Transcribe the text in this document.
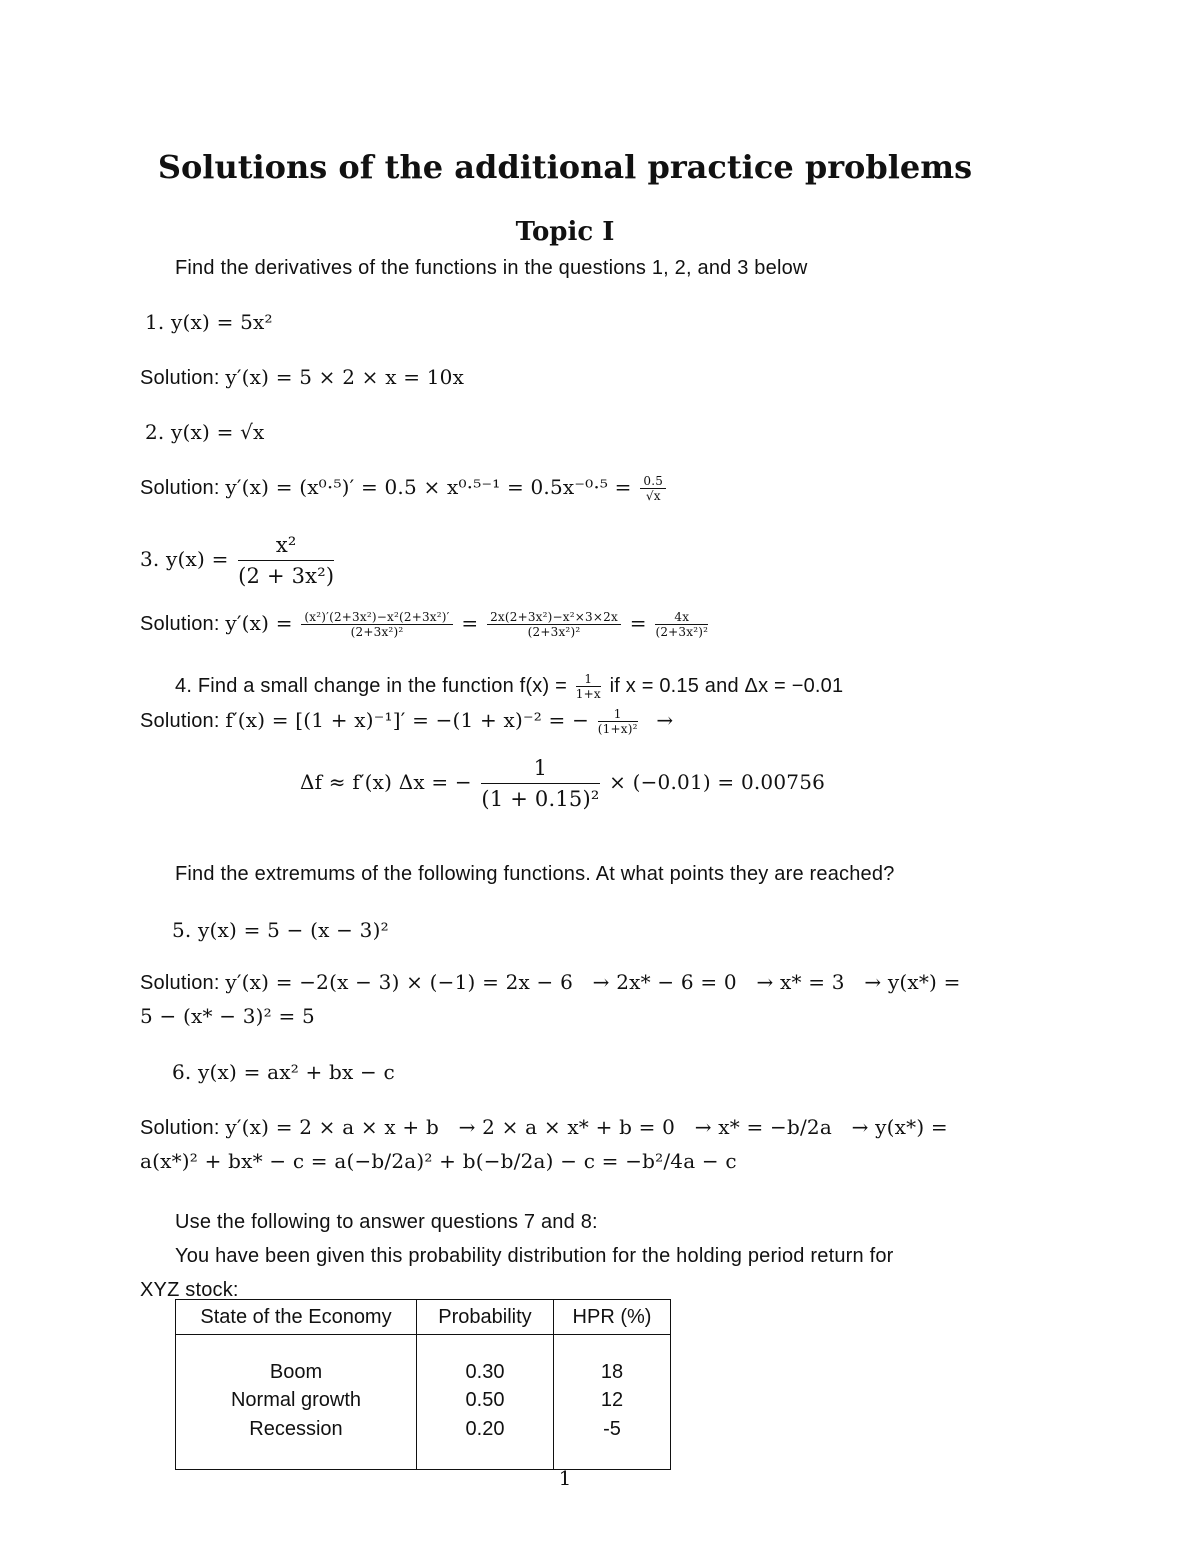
Solutions of the additional practice problems
Topic I
Find the derivatives of the functions in the questions 1, 2, and 3 below
1. y(x) = 5x²
Solution: y′(x) = 5 × 2 × x = 10x
2. y(x) = √x
Solution: $y'(x) = (x^0\cdot^5)' = 0.5 \times x^0\cdot^{5-1} = 0.5x^{-0}\cdot^5 = \frac{0.5}{√x}$
3. $y(x) = \frac{\text{x²}}{\text{(2 + 3x²)}}$
Solution: $y'(x) = \frac{\text{(x²)′(2+3x²)−x²(2+3x²)′}}{\text{(2+3x²)²}} = \frac{\text{2x(2+3x²)−x²×3×2x}}{\text{(2+3x²)²}} = \frac{4x}{\text{(2+3x²)²}}$
4. Find a small change in the function $f(x) = \frac{1}{1+x}$ if x = 0.15 and Δx = −0.01
Solution: f′(x) = [(1 + x)⁻¹]′ = −(1 + x)⁻² = − $\frac{1}{\text{(1+x)²}}$ →
Δf ≈ f′(x) Δx = − $\frac{1}{\text{(1 + 0.15)²}} \times (-0.01) = 0.00756$
Find the extremums of the following functions. At what points they are reached?
5. y(x) = 5 − (x − 3)²
Solution: y′(x) = −2(x − 3) × (−1) = 2x − 6   → 2x* − 6 = 0   → x* = 3   → y(x*) =
5 − (x* − 3)² = 5
6. y(x) = ax² + bx − c
Solution: y′(x) = 2 × a × x + b   → 2 × a × x* + b = 0   → x* = −b/2a   → y(x*) =
a(x*)² + bx* − c = a(−b/2a)² + b(−b/2a) − c = −b²/4a − c
Use the following to answer questions 7 and 8:
You have been given this probability distribution for the holding period return for
XYZ stock:
State of the Economy	Probability	HPR (%)
Boom	0.30	18
Normal growth	0.50	12
Recession	0.20	-5
1
